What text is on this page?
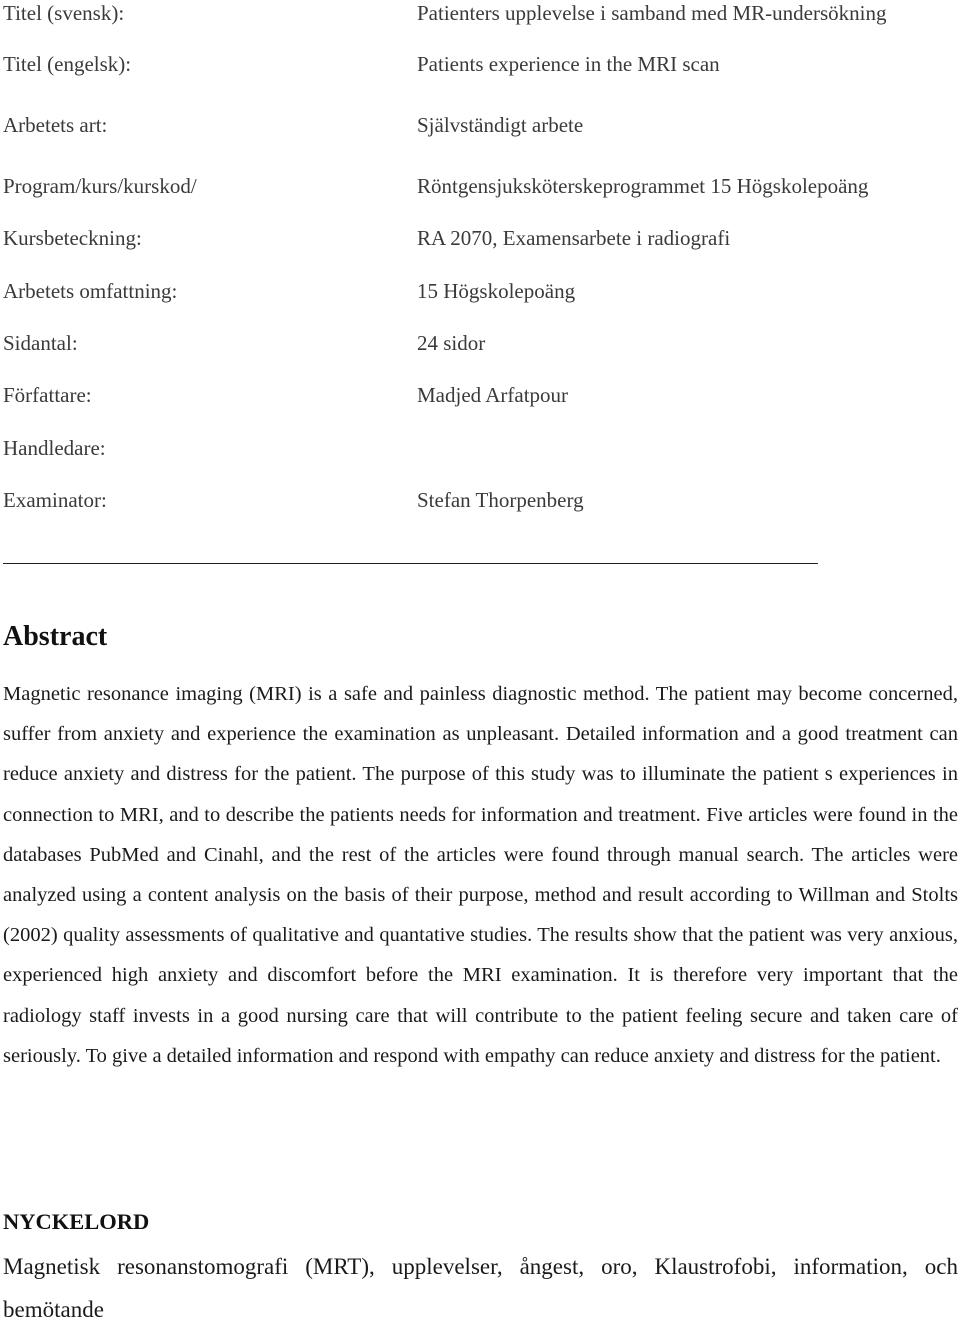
Titel (svensk):	Patienters upplevelse i samband med MR-undersökning
Titel (engelsk):	Patients experience in the MRI scan
Arbetets art:	Självständigt arbete
Program/kurs/kurskod/	Röntgensjuksköterskeprogrammet 15 Högskolepoäng
Kursbeteckning:	RA 2070, Examensarbete i radiografi
Arbetets omfattning:	15 Högskolepoäng
Sidantal:	24 sidor
Författare:	Madjed Arfatpour
Handledare:
Examinator:	Stefan Thorpenberg
Abstract

Magnetic resonance imaging (MRI) is a safe and painless diagnostic method. The patient may become concerned, suffer from anxiety and experience the examination as unpleasant. Detailed information and a good treatment can reduce anxiety and distress for the patient. The purpose of this study was to illuminate the patient s experiences in connection to MRI, and to describe the patients needs for information and treatment. Five articles were found in the databases PubMed and Cinahl, and the rest of the articles were found through manual search. The articles were analyzed using a content analysis on the basis of their purpose, method and result according to Willman and Stolts (2002) quality assessments of qualitative and quantative studies. The results show that the patient was very anxious, experienced high anxiety and discomfort before the MRI examination. It is therefore very important that the radiology staff invests in a good nursing care that will contribute to the patient feeling secure and taken care of seriously. To give a detailed information and respond with empathy can reduce anxiety and distress for the patient.

NYCKELORD

Magnetisk resonanstomografi (MRT), upplevelser, ångest, oro, Klaustrofobi, information, och bemötande
